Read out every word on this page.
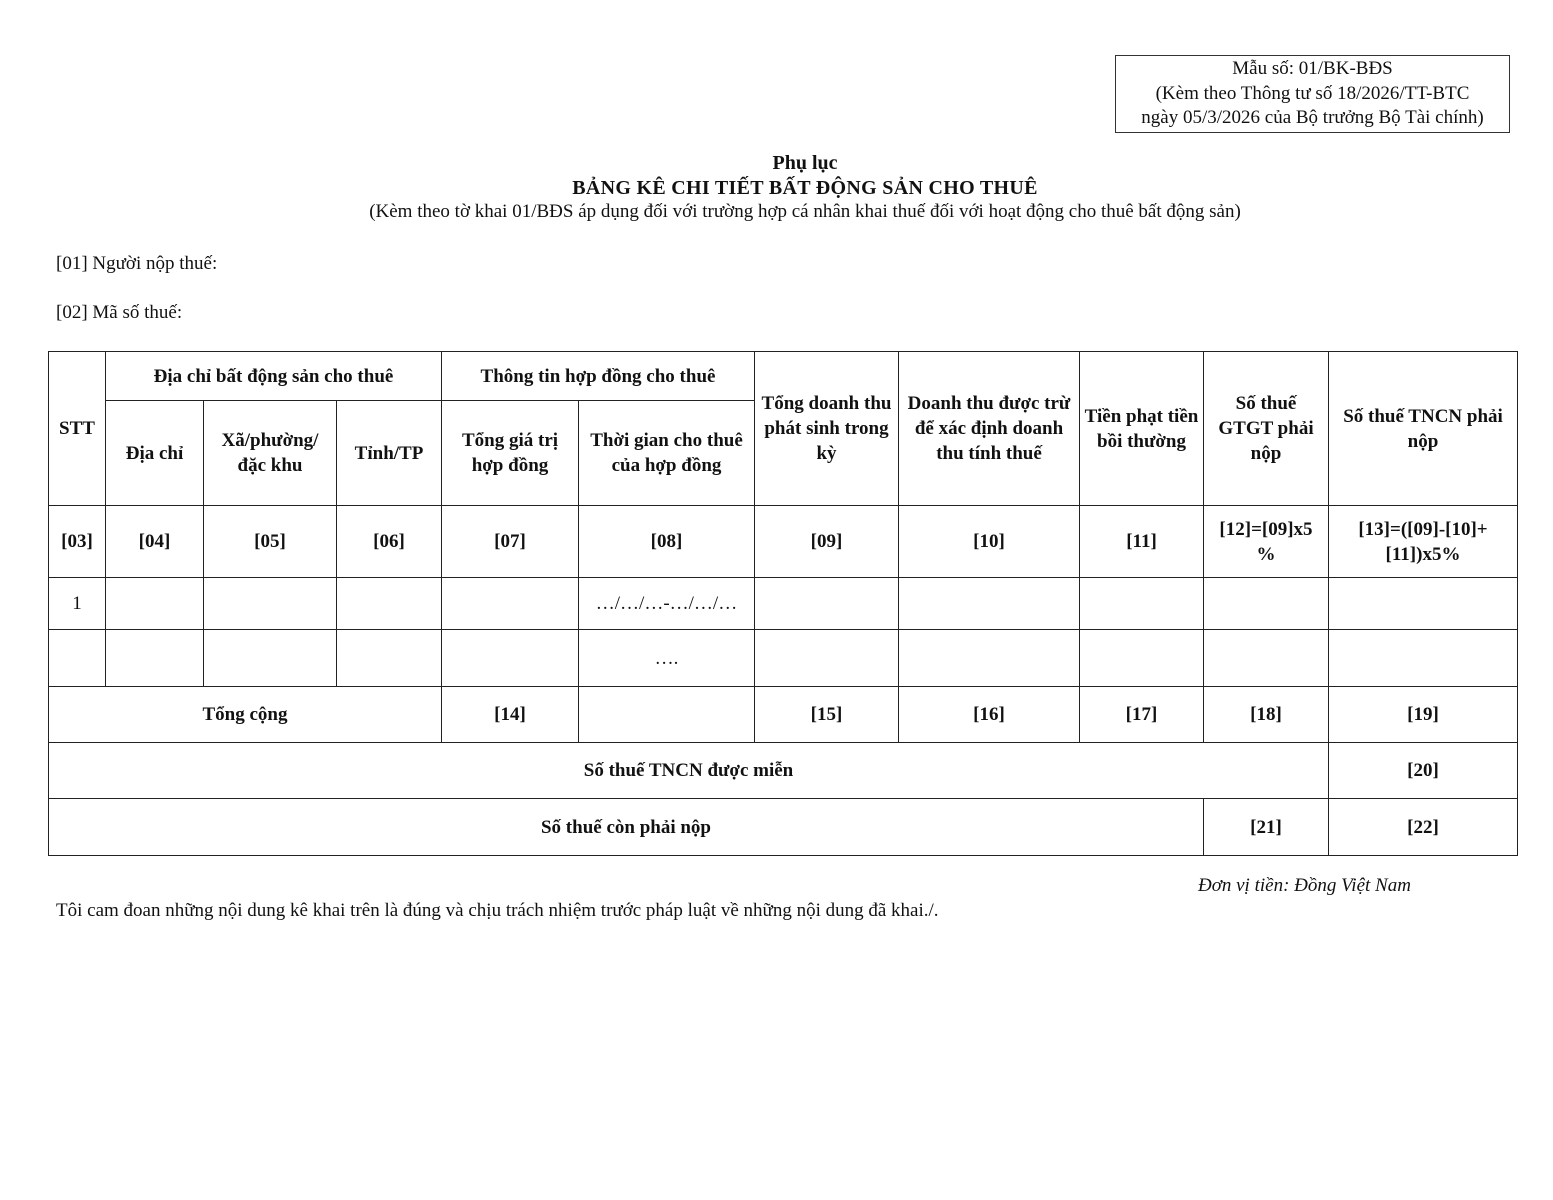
Mẫu số: 01/BK-BĐS
(Kèm theo Thông tư số 18/2026/TT-BTC
ngày 05/3/2026 của Bộ trưởng Bộ Tài chính)
Phụ lục
BẢNG KÊ CHI TIẾT BẤT ĐỘNG SẢN CHO THUÊ
(Kèm theo tờ khai 01/BĐS áp dụng đối với trường hợp cá nhân khai thuế đối với hoạt động cho thuê bất động sản)
[01] Người nộp thuế:
[02] Mã số thuế:
STT	Địa chỉ bất động sản cho thuê			Thông tin hợp đồng cho thuê		Tổng doanh thu phát sinh trong kỳ	Doanh thu được trừ để xác định doanh thu tính thuế	Tiền phạt tiền bồi thường	Số thuế GTGT phải nộp	Số thuế TNCN phải nộp
	Địa chỉ	Xã/phường/ đặc khu	Tỉnh/TP	Tổng giá trị hợp đồng	Thời gian cho thuê của hợp đồng					
[03]	[04]	[05]	[06]	[07]	[08]	[09]	[10]	[11]	[12]=[09]x5 %	[13]=([09]-[10]+[11])x5%
1					…/…/…-…/…/…					
					….					
Tổng cộng				[14]		[15]	[16]	[17]	[18]	[19]
Số thuế TNCN được miễn										[20]
Số thuế còn phải nộp									[21]	[22]
Đơn vị tiền: Đồng Việt Nam
Tôi cam đoan những nội dung kê khai trên là đúng và chịu trách nhiệm trước pháp luật về những nội dung đã khai./.
